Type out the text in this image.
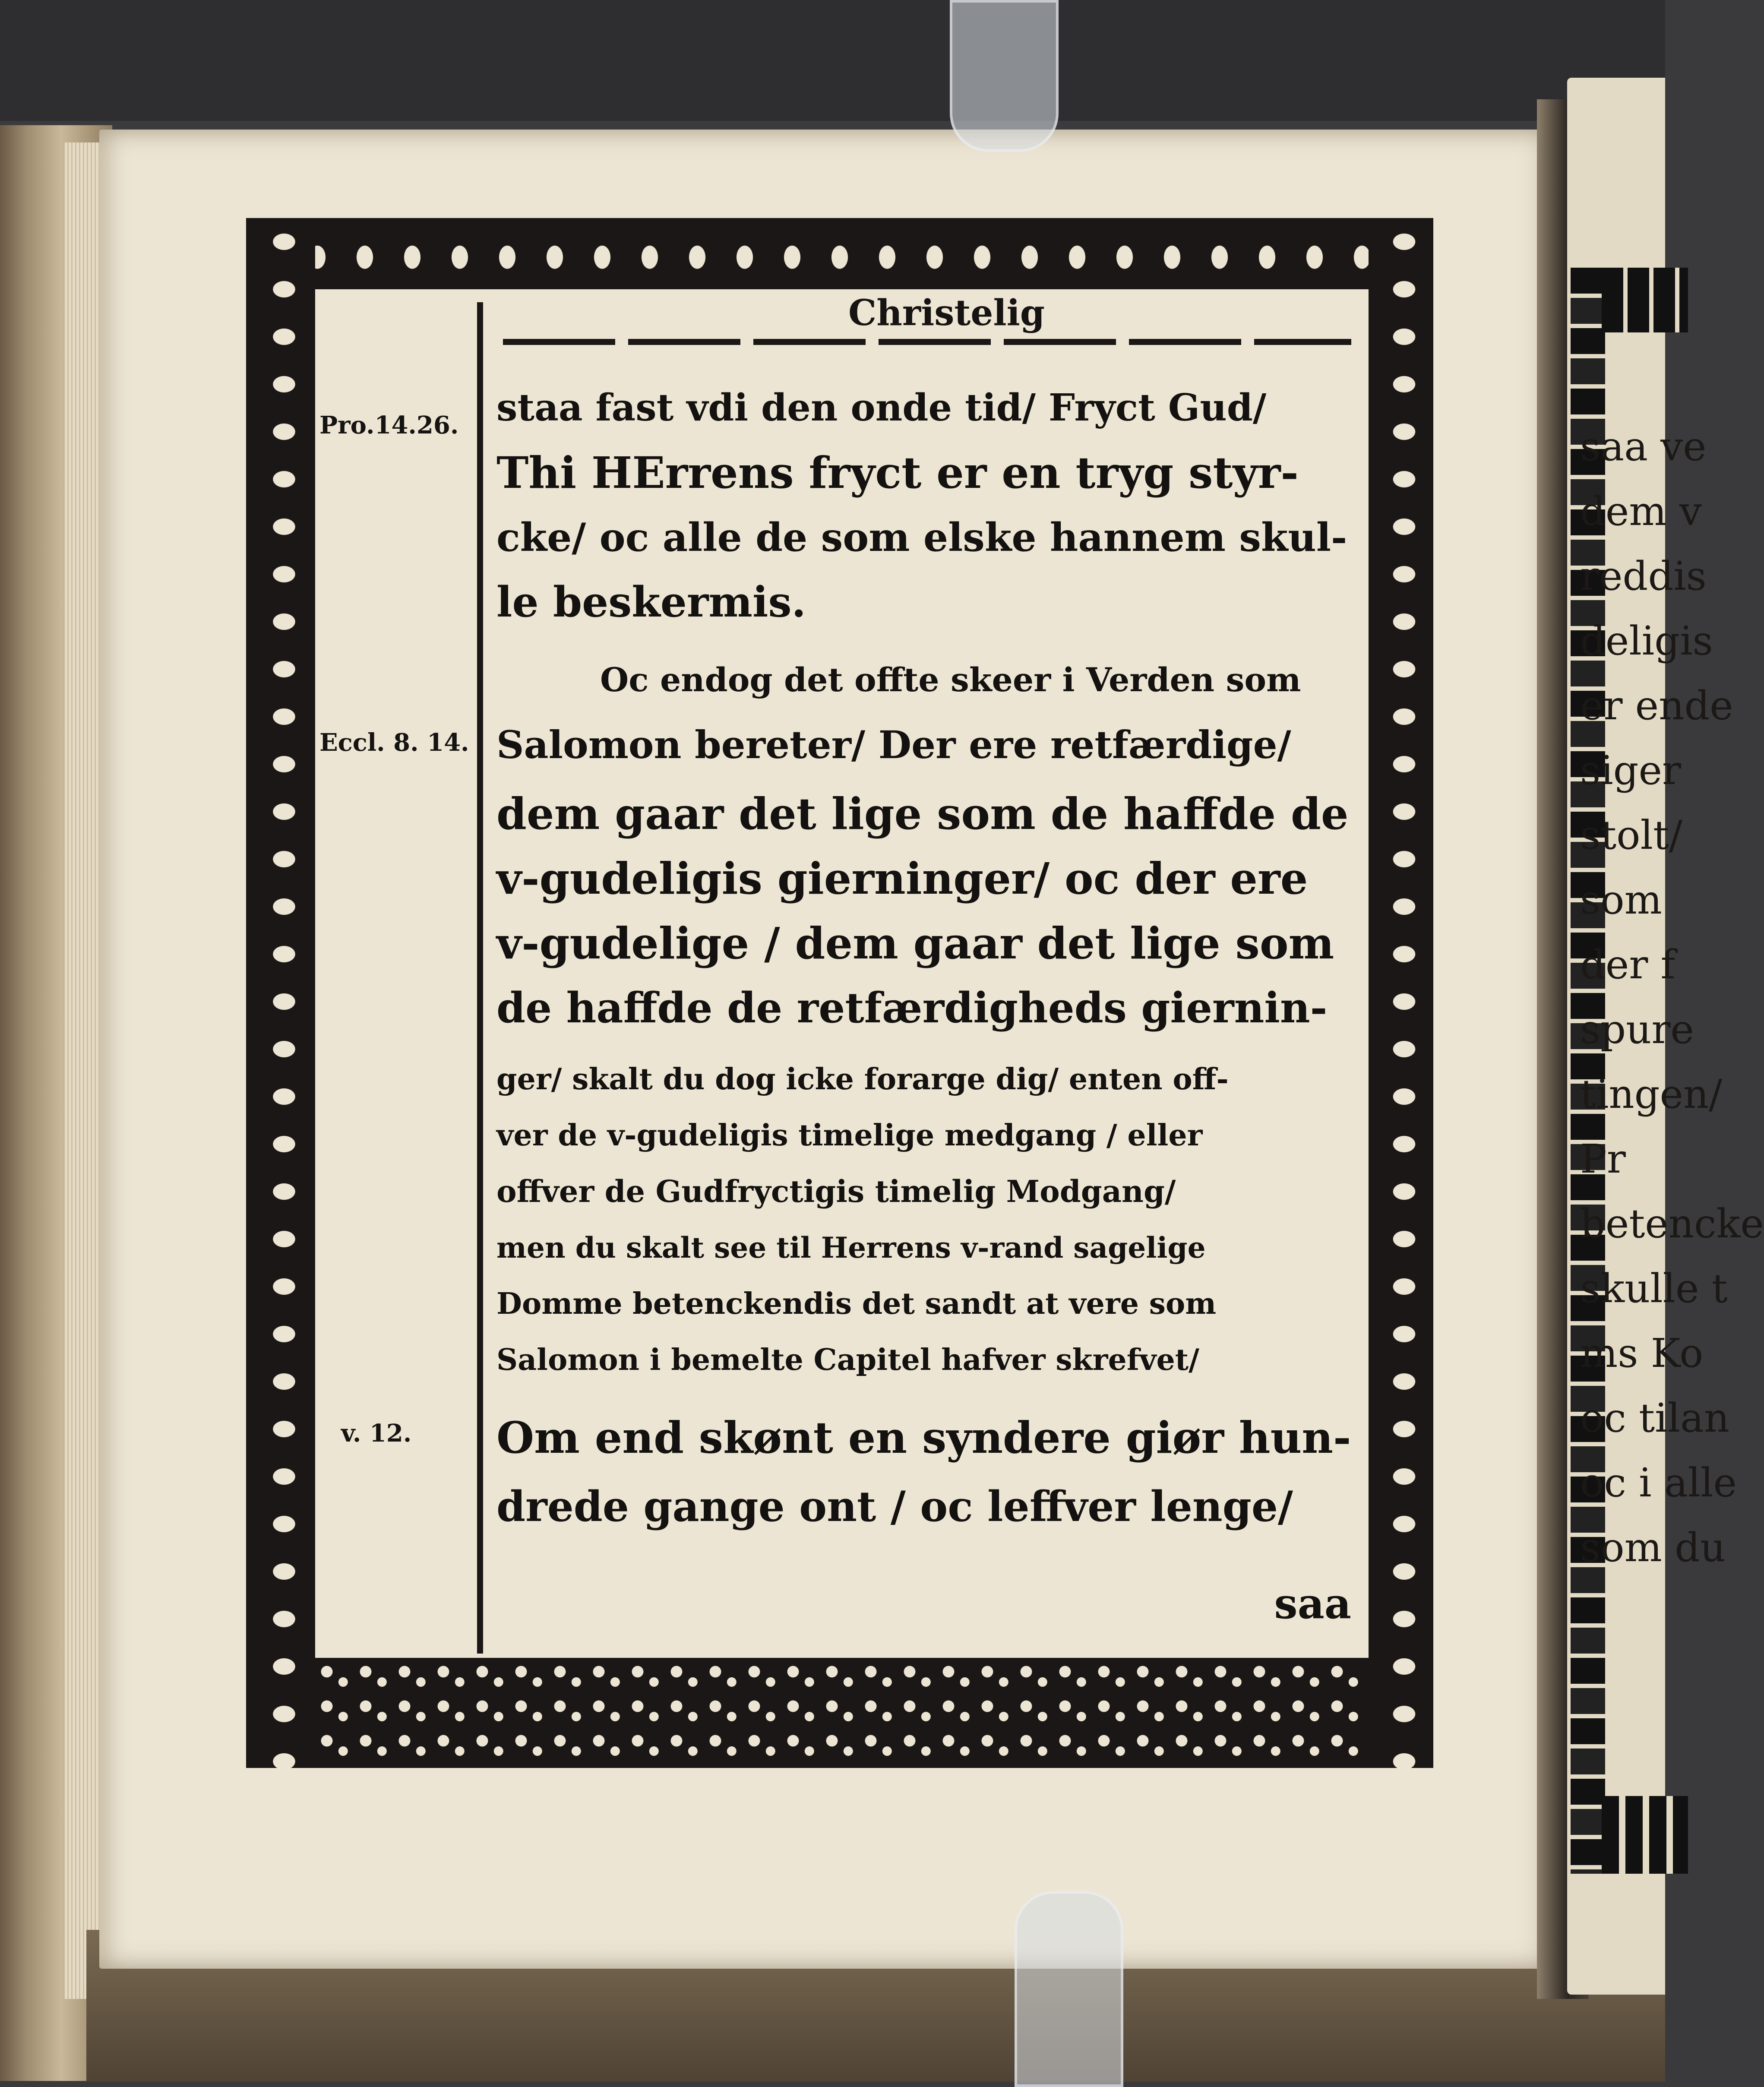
saa ve
dem v
reddis
deligis
er ende
siger
stolt/
som
der f
spure
tingen/
Pr
betencke
skulle t
ms Ko
oc tilan
oc i alle
som du
Christelig
Pro.14.26.
Eccl. 8. 14.
v. 12.
staa fast vdi den onde tid/ Fryct Gud/
Thi HErrens fryct er en tryg styr-
cke/ oc alle de som elske hannem skul-
le beskermis.
Oc endog det offte skeer i Verden som
Salomon bereter/ Der ere retfærdige/
dem gaar det lige som de haffde de
v-gudeligis gierninger/ oc der ere
v-gudelige / dem gaar det lige som
de haffde de retfærdigheds giernin-
ger/ skalt du dog icke forarge dig/ enten off-
ver de v-gudeligis timelige medgang / eller
offver de Gudfryctigis timelig Modgang/
men du skalt see til Herrens v-rand sagelige
Domme betenckendis det sandt at vere som
Salomon i bemelte Capitel hafver skrefvet/
Om end skønt en syndere giør hun-
drede gange ont / oc leffver lenge/
saa
